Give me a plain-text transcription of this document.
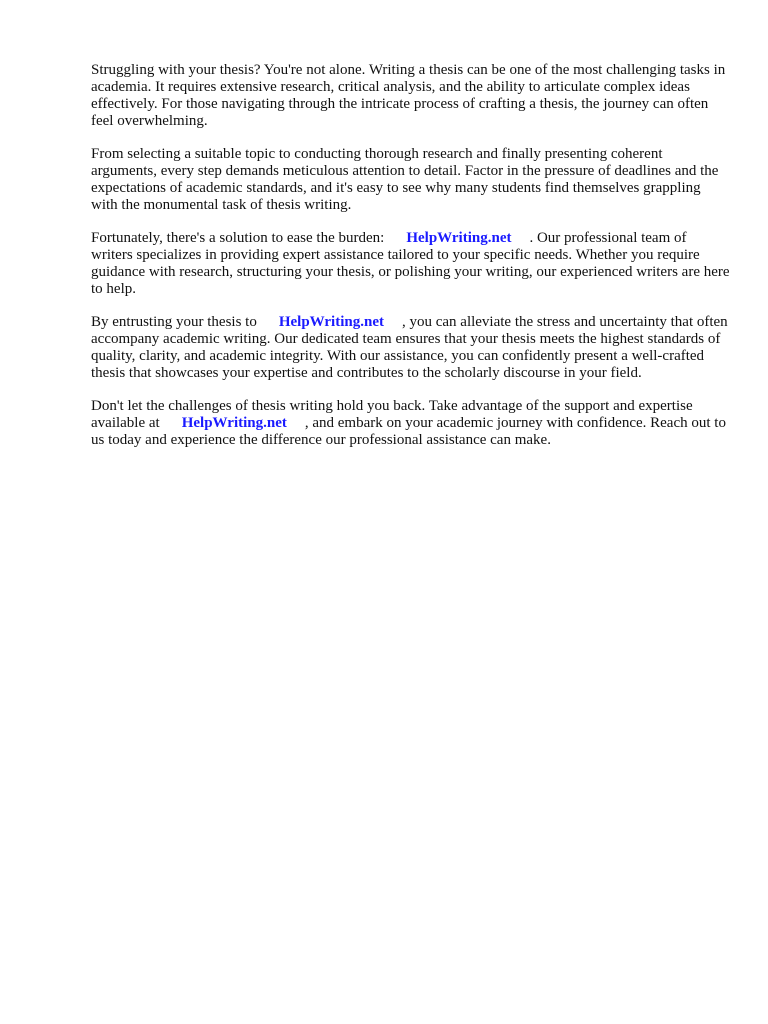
Struggling with your thesis? You're not alone. Writing a thesis can be one of the most challenging tasks in academia. It requires extensive research, critical analysis, and the ability to articulate complex ideas effectively. For those navigating through the intricate process of crafting a thesis, the journey can often feel overwhelming.

From selecting a suitable topic to conducting thorough research and finally presenting coherent arguments, every step demands meticulous attention to detail. Factor in the pressure of deadlines and the expectations of academic standards, and it's easy to see why many students find themselves grappling with the monumental task of thesis writing.

Fortunately, there's a solution to ease the burden: HelpWriting.net . Our professional team of writers specializes in providing expert assistance tailored to your specific needs. Whether you require guidance with research, structuring your thesis, or polishing your writing, our experienced writers are here to help.

By entrusting your thesis to HelpWriting.net , you can alleviate the stress and uncertainty that often accompany academic writing. Our dedicated team ensures that your thesis meets the highest standards of quality, clarity, and academic integrity. With our assistance, you can confidently present a well-crafted thesis that showcases your expertise and contributes to the scholarly discourse in your field.

Don't let the challenges of thesis writing hold you back. Take advantage of the support and expertise available at HelpWriting.net , and embark on your academic journey with confidence. Reach out to us today and experience the difference our professional assistance can make.
